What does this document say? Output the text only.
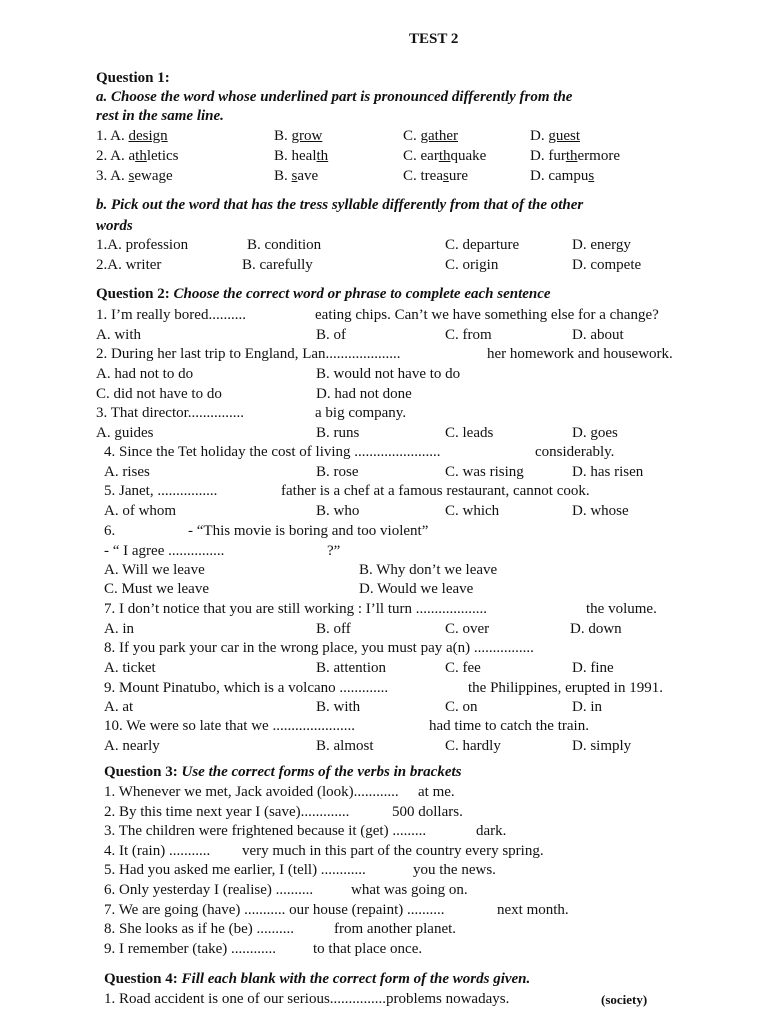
TEST 2
Question 1:
a. Choose the word whose underlined part is pronounced differently from the
rest in the same line.
1. A. design	B. grow	C. gather	D. guest
2. A. athletics	B. health	C. earthquake	D. furthermore
3. A. sewage	B. save	C. treasure	D. campus
b. Pick out the word that has the tress syllable differently from that of the other
words
1.A. profession	B. condition	C. departure	D. energy
2.A. writer	B. carefully	C. origin	D. compete
Question 2: Choose the correct word or phrase to complete each sentence
1. I’m really bored..........	eating chips. Can’t we have something else for a change?
A. with	B. of	C. from	D. about
2. During her last trip to England, Lan....................	her homework and housework.
A. had not to do	B. would not have to do
C. did not have to do	D. had not done
3. That director...............	a big company.
A. guides	B. runs	C. leads	D. goes
4. Since the Tet holiday the cost of living .......................	considerably.
A. rises	B. rose	C. was rising	D. has risen
5. Janet, ................	father is a chef at a famous restaurant, cannot cook.
A. of whom	B. who	C. which	D. whose
6.	- “This movie is boring and too violent”
- “ I agree ...............	?”
A. Will we leave	B. Why don’t we leave
C. Must we leave	D. Would we leave
7. I don’t notice that you are still working : I’ll turn ...................	the volume.
A. in	B. off	C. over	D. down
8. If you park your car in the wrong place, you must pay a(n) ................
A. ticket	B. attention	C. fee	D. fine
9. Mount Pinatubo, which is a volcano .............	the Philippines, erupted in 1991.
A. at	B. with	C. on	D. in
10. We were so late that we ......................	had time to catch the train.
A. nearly	B. almost	C. hardly	D. simply
Question 3: Use the correct forms of the verbs in brackets
1. Whenever we met, Jack avoided (look)............ at me.
2. By this time next year I (save).............	500 dollars.
3. The children were frightened because it (get) .........	dark.
4. It (rain) ........... very much in this part of the country every spring.
5. Had you asked me earlier, I (tell) ............	you the news.
6. Only yesterday I (realise) ..........	what was going on.
7. We are going (have) ........... our house (repaint) ..........	next month.
8. She looks as if he (be) ..........	from another planet.
9. I remember (take) ............ to that place once.
Question 4: Fill each blank with the correct form of the words given.
1. Road accident is one of our serious...............problems nowadays.	(society)
